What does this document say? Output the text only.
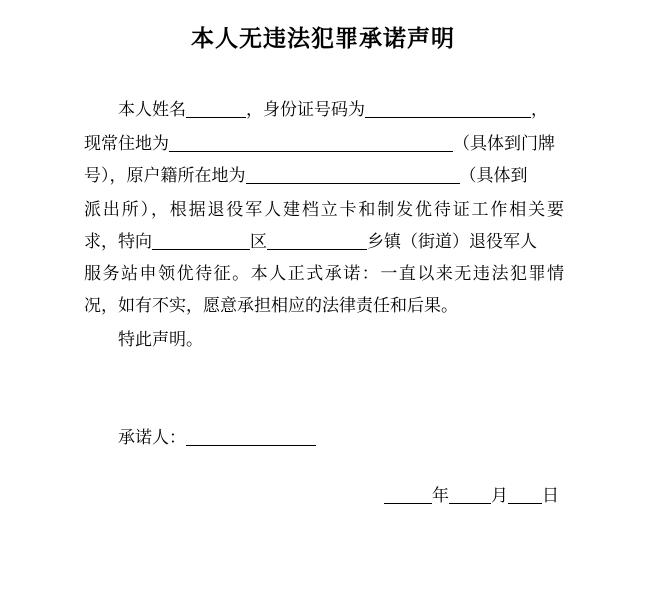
本人无违法犯罪承诺声明
本人姓名	，身份证号码为	，
现常住地为	（具体到门牌
号），原户籍所在地为	（具体到
派出所），根据退役军人建档立卡和制发优待证工作相关要
求，特向	区	乡镇（街道）退役军人
服务站申领优待征。本人正式承诺：一直以来无违法犯罪情
况，如有不实，愿意承担相应的法律责任和后果。
特此声明。
承诺人：
年 月 日
